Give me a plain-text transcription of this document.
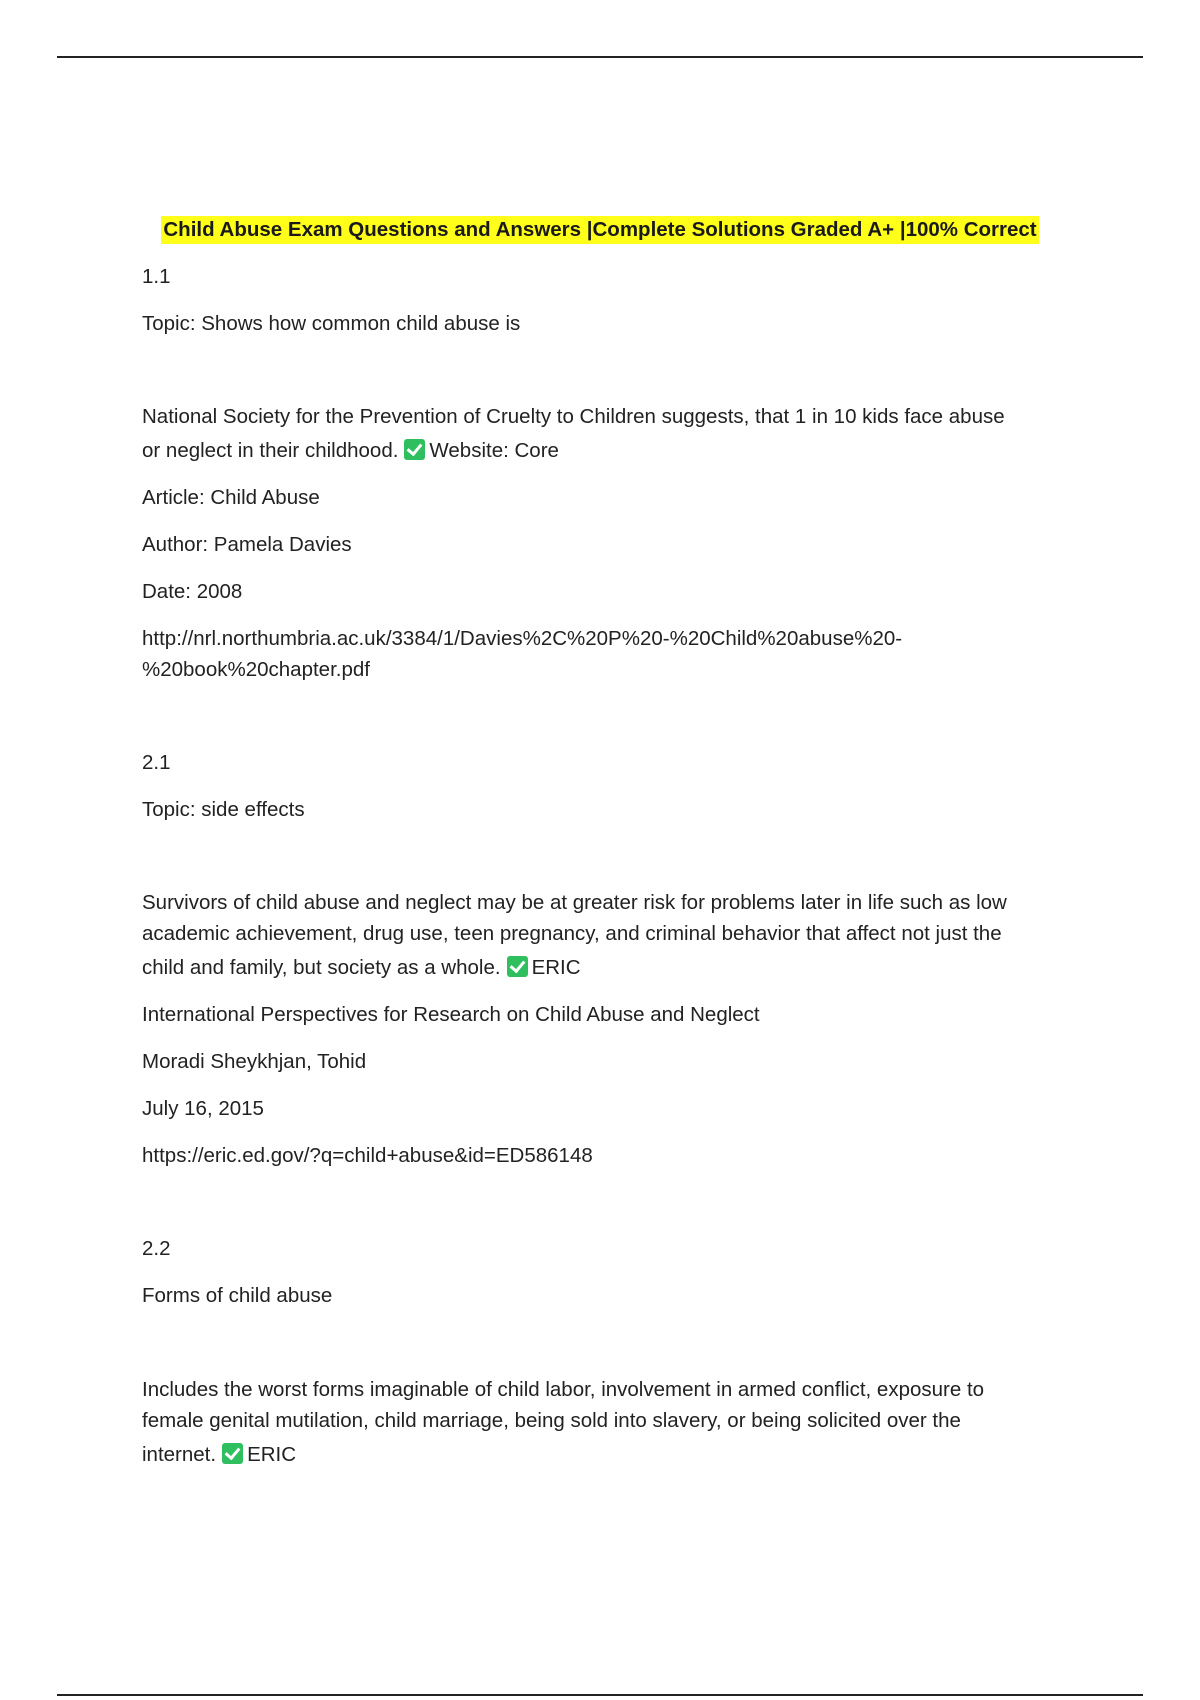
Child Abuse Exam Questions and Answers |Complete Solutions Graded A+ |100% Correct
1.1
Topic: Shows how common child abuse is
National Society for the Prevention of Cruelty to Children suggests, that 1 in 10 kids face abuse
or neglect in their childhood. Website: Core
Article: Child Abuse
Author: Pamela Davies
Date: 2008
http://nrl.northumbria.ac.uk/3384/1/Davies%2C%20P%20-%20Child%20abuse%20-
%20book%20chapter.pdf
2.1
Topic: side effects
Survivors of child abuse and neglect may be at greater risk for problems later in life such as low
academic achievement, drug use, teen pregnancy, and criminal behavior that affect not just the
child and family, but society as a whole. ERIC
International Perspectives for Research on Child Abuse and Neglect
Moradi Sheykhjan, Tohid
July 16, 2015
https://eric.ed.gov/?q=child+abuse&id=ED586148
2.2
Forms of child abuse
Includes the worst forms imaginable of child labor, involvement in armed conflict, exposure to
female genital mutilation, child marriage, being sold into slavery, or being solicited over the
internet. ERIC
